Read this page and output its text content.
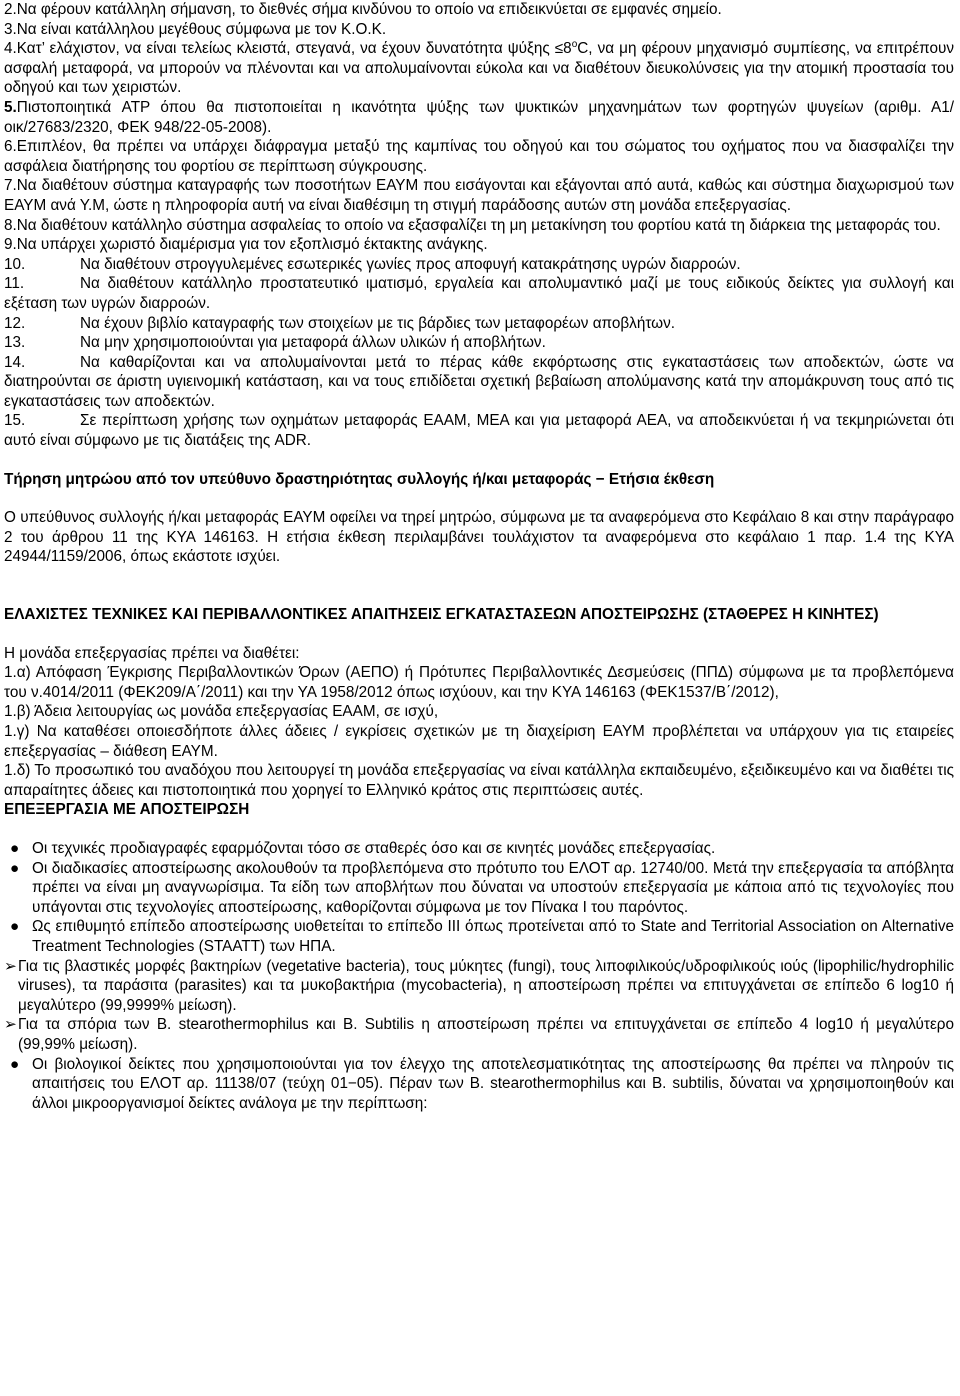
2.Να φέρουν κατάλληλη σήμανση, το διεθνές σήμα κινδύνου το οποίο να επιδεικνύεται σε εμφανές σημείο.

3.Να είναι κατάλληλου μεγέθους σύμφωνα με τον Κ.Ο.Κ.

4.Κατ’ ελάχιστον, να είναι τελείως κλειστά, στεγανά, να έχουν δυνατότητα $\psi ύ\xi\eta\varsigma \le 8^oC$, να μη φέρουν μηχανισμό συμπίεσης, να επιτρέπουν ασφαλή μεταφορά, να μπορούν να πλένονται και να απολυμαίνονται εύκολα και να διαθέτουν διευκολύνσεις για την ατομική προστασία του οδηγού και των χειριστών.

5.Πιστοποιητικά ATP όπου θα πιστοποιείται η ικανότητα ψύξης των ψυκτικών μηχανημάτων των φορτηγών ψυγείων (αριθμ. Α1/οικ/27683/2320, ΦΕΚ 948/22-05-2008).

6.Επιπλέον, θα πρέπει να υπάρχει διάφραγμα μεταξύ της καμπίνας του οδηγού και του σώματος του οχήματος που να διασφαλίζει την ασφάλεια διατήρησης του φορτίου σε περίπτωση σύγκρουσης.

7.Να διαθέτουν σύστημα καταγραφής των ποσοτήτων ΕΑΥΜ που εισάγονται και εξάγονται από αυτά, καθώς και σύστημα διαχωρισμού των ΕΑΥΜ ανά Υ.Μ, ώστε η πληροφορία αυτή να είναι διαθέσιμη τη στιγμή παράδοσης αυτών στη μονάδα επεξεργασίας.

8.Να διαθέτουν κατάλληλο σύστημα ασφαλείας το οποίο να εξασφαλίζει τη μη μετακίνηση του φορτίου κατά τη διάρκεια της μεταφοράς του.

9.Να υπάρχει χωριστό διαμέρισμα για τον εξοπλισμό έκτακτης ανάγκης.

10.	Να διαθέτουν στρογγυλεμένες εσωτερικές γωνίες προς αποφυγή κατακράτησης υγρών διαρροών.

11.	Να διαθέτουν κατάλληλο προστατευτικό ιματισμό, εργαλεία και απολυμαντικό μαζί με τους ειδικούς δείκτες για συλλογή και εξέταση των υγρών διαρροών.

12.	Να έχουν βιβλίο καταγραφής των στοιχείων με τις βάρδιες των μεταφορέων αποβλήτων.

13.	Να μην χρησιμοποιούνται για μεταφορά άλλων υλικών ή αποβλήτων.

14.	Να καθαρίζονται και να απολυμαίνονται μετά το πέρας κάθε εκφόρτωσης στις εγκαταστάσεις των αποδεκτών, ώστε να διατηρούνται σε άριστη υγιεινομική κατάσταση, και να τους επιδίδεται σχετική βεβαίωση απολύμανσης κατά την απομάκρυνση τους από τις εγκαταστάσεις των αποδεκτών.

15.	Σε περίπτωση χρήσης των οχημάτων μεταφοράς ΕΑΑΜ, ΜΕΑ και για μεταφορά ΑΕΑ, να αποδεικνύεται ή να τεκμηριώνεται ότι αυτό είναι σύμφωνο με τις διατάξεις της ADR.

Τήρηση μητρώου από τον υπεύθυνο δραστηριότητας συλλογής ή/και μεταφοράς − Ετήσια έκθεση

Ο υπεύθυνος συλλογής ή/και μεταφοράς ΕΑΥΜ οφείλει να τηρεί μητρώο, σύμφωνα με τα αναφερόμενα στο Κεφάλαιο 8 και στην παράγραφο 2 του άρθρου 11 της ΚΥΑ 146163. Η ετήσια έκθεση περιλαμβάνει τουλάχιστον τα αναφερόμενα στο κεφάλαιο 1 παρ. 1.4 της ΚΥΑ 24944/1159/2006, όπως εκάστοτε ισχύει.

ΕΛΑΧΙΣΤΕΣ ΤΕΧΝΙΚΕΣ ΚΑΙ ΠΕΡΙΒΑΛΛΟΝΤΙΚΕΣ ΑΠΑΙΤΗΣΕΙΣ ΕΓΚΑΤΑΣΤΑΣΕΩΝ ΑΠΟΣΤΕΙΡΩΣΗΣ (ΣΤΑΘΕΡΕΣ Η ΚΙΝΗΤΕΣ)

Η μονάδα επεξεργασίας πρέπει να διαθέτει:

1.α) Απόφαση Έγκρισης Περιβαλλοντικών Όρων (ΑΕΠΟ) ή Πρότυπες Περιβαλλοντικές Δεσμεύσεις (ΠΠΔ) σύμφωνα με τα προβλεπόμενα του ν.4014/2011 (ΦΕΚ209/Α΄/2011) και την ΥΑ 1958/2012 όπως ισχύουν, και την ΚΥΑ 146163 (ΦΕΚ1537/Β΄/2012),

1.β) Άδεια λειτουργίας ως μονάδα επεξεργασίας ΕΑΑΜ, σε ισχύ,

1.γ) Να καταθέσει οποιεσδήποτε άλλες άδειες / εγκρίσεις σχετικών με τη διαχείριση ΕΑΥΜ προβλέπεται να υπάρχουν για τις εταιρείες επεξεργασίας – διάθεση ΕΑΥΜ.

1.δ) Το προσωπικό του αναδόχου που λειτουργεί τη μονάδα επεξεργασίας να είναι κατάλληλα εκπαιδευμένο, εξειδικευμένο και να διαθέτει τις απαραίτητες άδειες και πιστοποιητικά που χορηγεί το Ελληνικό κράτος στις περιπτώσεις αυτές.

ΕΠΕΞΕΡΓΑΣΙΑ ΜΕ ΑΠΟΣΤΕΙΡΩΣΗ

● Οι τεχνικές προδιαγραφές εφαρμόζονται τόσο σε σταθερές όσο και σε κινητές μονάδες επεξεργασίας.

● Οι διαδικασίες αποστείρωσης ακολουθούν τα προβλεπόμενα στο πρότυπο του ΕΛΟΤ αρ. 12740/00. Μετά την επεξεργασία τα απόβλητα πρέπει να είναι μη αναγνωρίσιμα. Τα είδη των αποβλήτων που δύναται να υποστούν επεξεργασία με κάποια από τις τεχνολογίες που υπάγονται στις τεχνολογίες αποστείρωσης, καθορίζονται σύμφωνα με τον Πίνακα Ι του παρόντος.

● Ως επιθυμητό επίπεδο αποστείρωσης υιοθετείται το επίπεδο ΙΙΙ όπως προτείνεται από το State and Territorial Association on Alternative Treatment Technologies (STAATT) των ΗΠΑ.

➢ Για τις βλαστικές μορφές βακτηρίων (vegetative bacteria), τους μύκητες (fungi), τους λιποφιλικούς/υδροφιλικούς ιούς (lipophilic/hydrophilic viruses), τα παράσιτα (parasites) και τα μυκοβακτήρια (mycobacteria), η αποστείρωση πρέπει να επιτυγχάνεται σε επίπεδο 6 log10 ή μεγαλύτερο (99,9999% μείωση).

➢ Για τα σπόρια των B. stearothermophilus και B. Subtilis η αποστείρωση πρέπει να επιτυγχάνεται σε επίπεδο 4 log10 ή μεγαλύτερο (99,99% μείωση).

● Οι βιολογικοί δείκτες που χρησιμοποιούνται για τον έλεγχο της αποτελεσματικότητας της αποστείρωσης θα πρέπει να πληρούν τις απαιτήσεις του ΕΛΟΤ αρ. 11138/07 (τεύχη 01−05). Πέραν των B. stearothermophilus και B. subtilis, δύναται να χρησιμοποιηθούν και άλλοι μικροοργανισμοί δείκτες ανάλογα με την περίπτωση:
